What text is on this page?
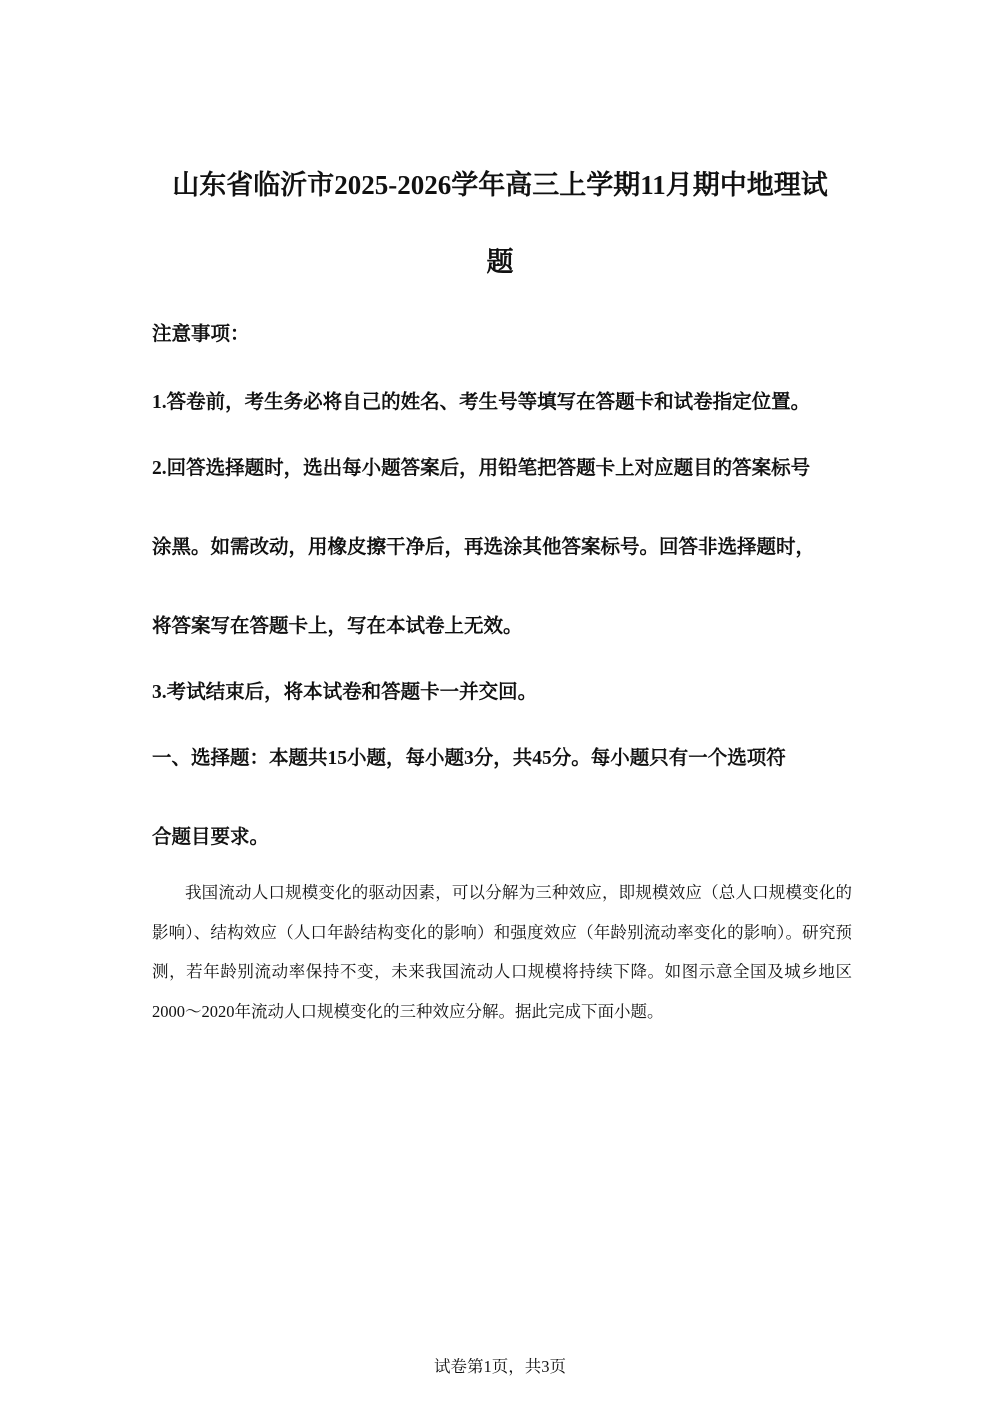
山东省临沂市2025-2026学年高三上学期11月期中地理试
题

注意事项：

1.答卷前，考生务必将自己的姓名、考生号等填写在答题卡和试卷指定位置。

2.回答选择题时，选出每小题答案后，用铅笔把答题卡上对应题目的答案标号

涂黑。如需改动，用橡皮擦干净后，再选涂其他答案标号。回答非选择题时，

将答案写在答题卡上，写在本试卷上无效。

3.考试结束后，将本试卷和答题卡一并交回。

一、选择题：本题共15小题，每小题3分，共45分。每小题只有一个选项符

合题目要求。

我国流动人口规模变化的驱动因素，可以分解为三种效应，即规模效应（总人口规模变化的影响）、结构效应（人口年龄结构变化的影响）和强度效应（年龄别流动率变化的影响）。研究预测，若年龄别流动率保持不变，未来我国流动人口规模将持续下降。如图示意全国及城乡地区2000～2020年流动人口规模变化的三种效应分解。据此完成下面小题。

试卷第1页，共3页
